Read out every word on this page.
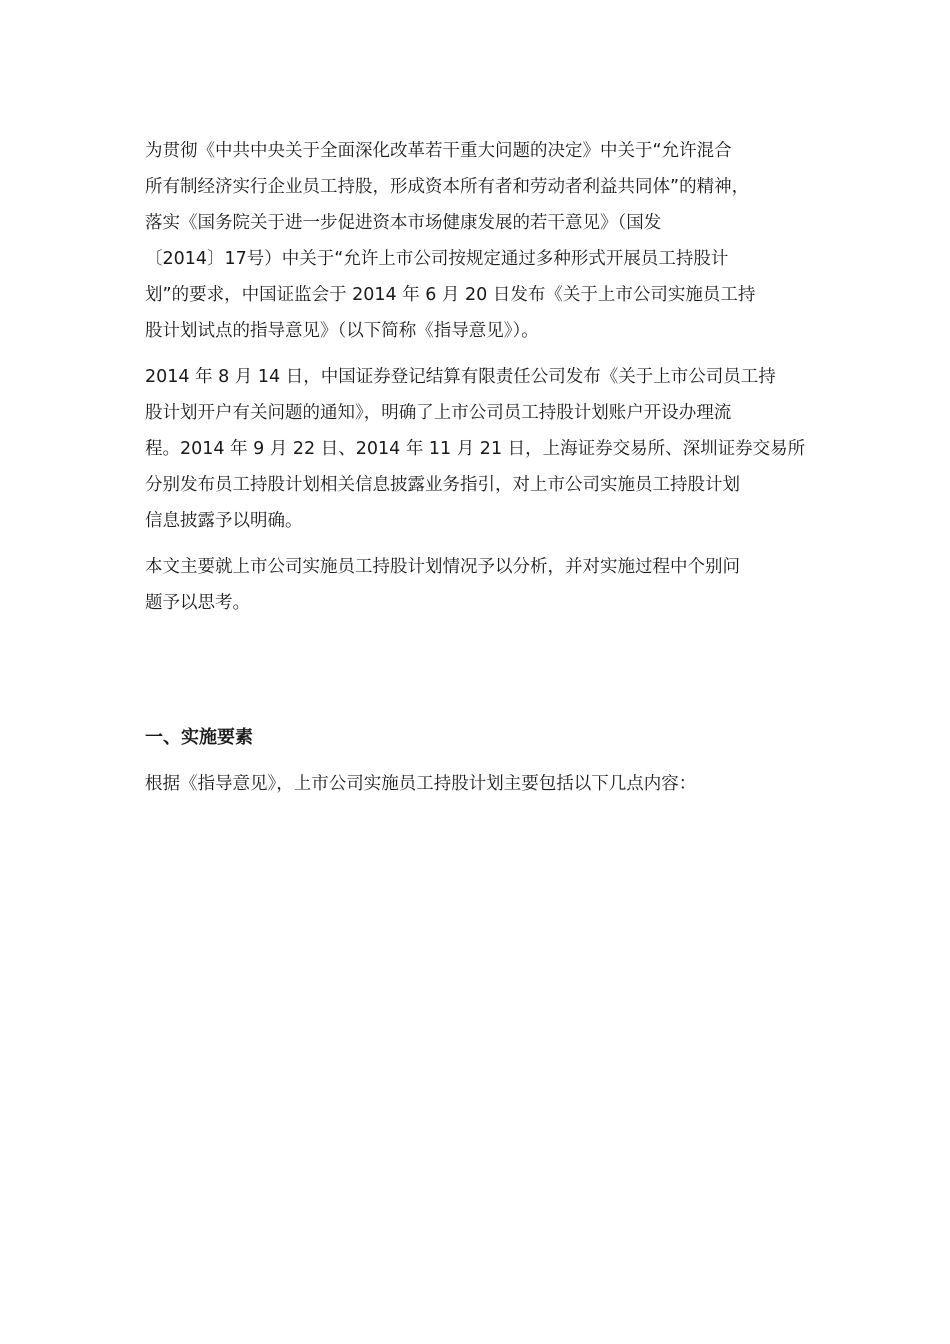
为贯彻《中共中央关于全面深化改革若干重大问题的决定》中关于“允许混合
所有制经济实行企业员工持股，形成资本所有者和劳动者利益共同体”的精神，
落实《国务院关于进一步促进资本市场健康发展的若干意见》（国发
〔2014〕17号）中关于“允许上市公司按规定通过多种形式开展员工持股计
划”的要求，中国证监会于 2014 年 6 月 20 日发布《关于上市公司实施员工持
股计划试点的指导意见》（以下简称《指导意见》）。

2014 年 8 月 14 日，中国证券登记结算有限责任公司发布《关于上市公司员工持
股计划开户有关问题的通知》，明确了上市公司员工持股计划账户开设办理流
程。2014 年 9 月 22 日、2014 年 11 月 21 日，上海证券交易所、深圳证券交易所
分别发布员工持股计划相关信息披露业务指引，对上市公司实施员工持股计划
信息披露予以明确。

本文主要就上市公司实施员工持股计划情况予以分析，并对实施过程中个别问
题予以思考。

一、实施要素

根据《指导意见》，上市公司实施员工持股计划主要包括以下几点内容：
